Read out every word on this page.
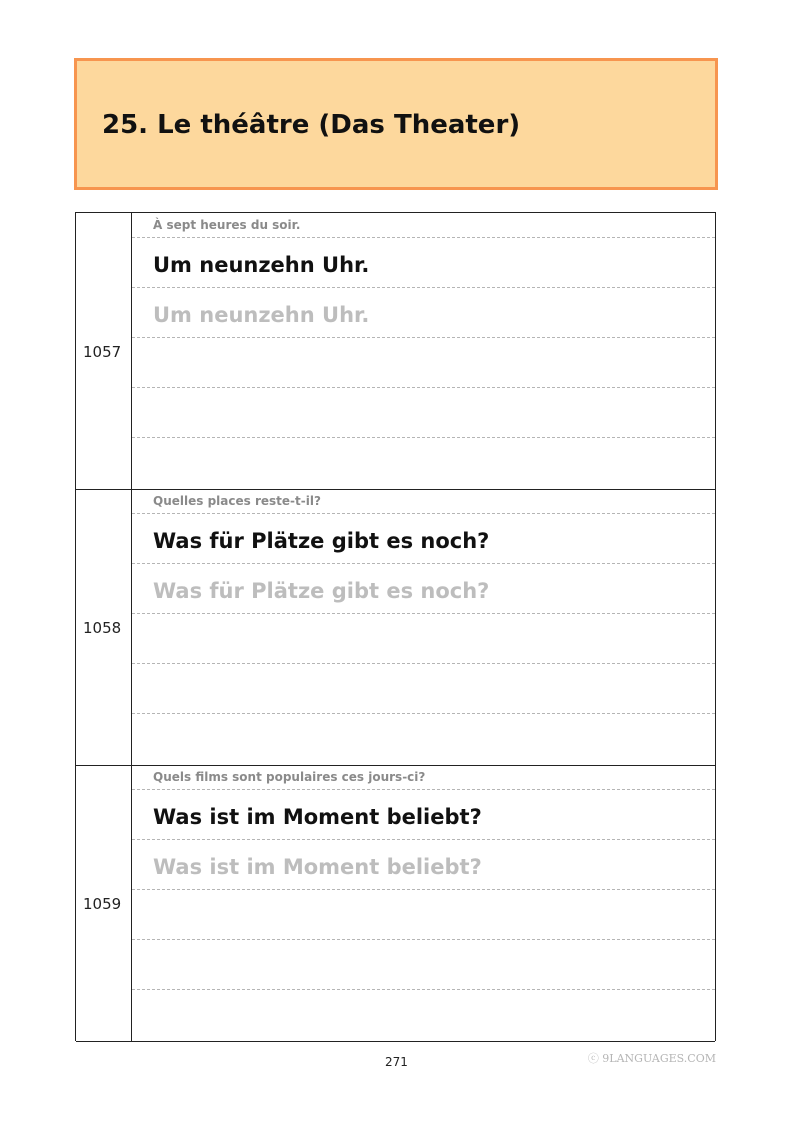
25. Le théâtre (Das Theater)
1057
À sept heures du soir.
Um neunzehn Uhr.
Um neunzehn Uhr.
1058
Quelles places reste-t-il?
Was für Plätze gibt es noch?
Was für Plätze gibt es noch?
1059
Quels films sont populaires ces jours-ci?
Was ist im Moment beliebt?
Was ist im Moment beliebt?
271	ⓒ 9LANGUAGES.COM
